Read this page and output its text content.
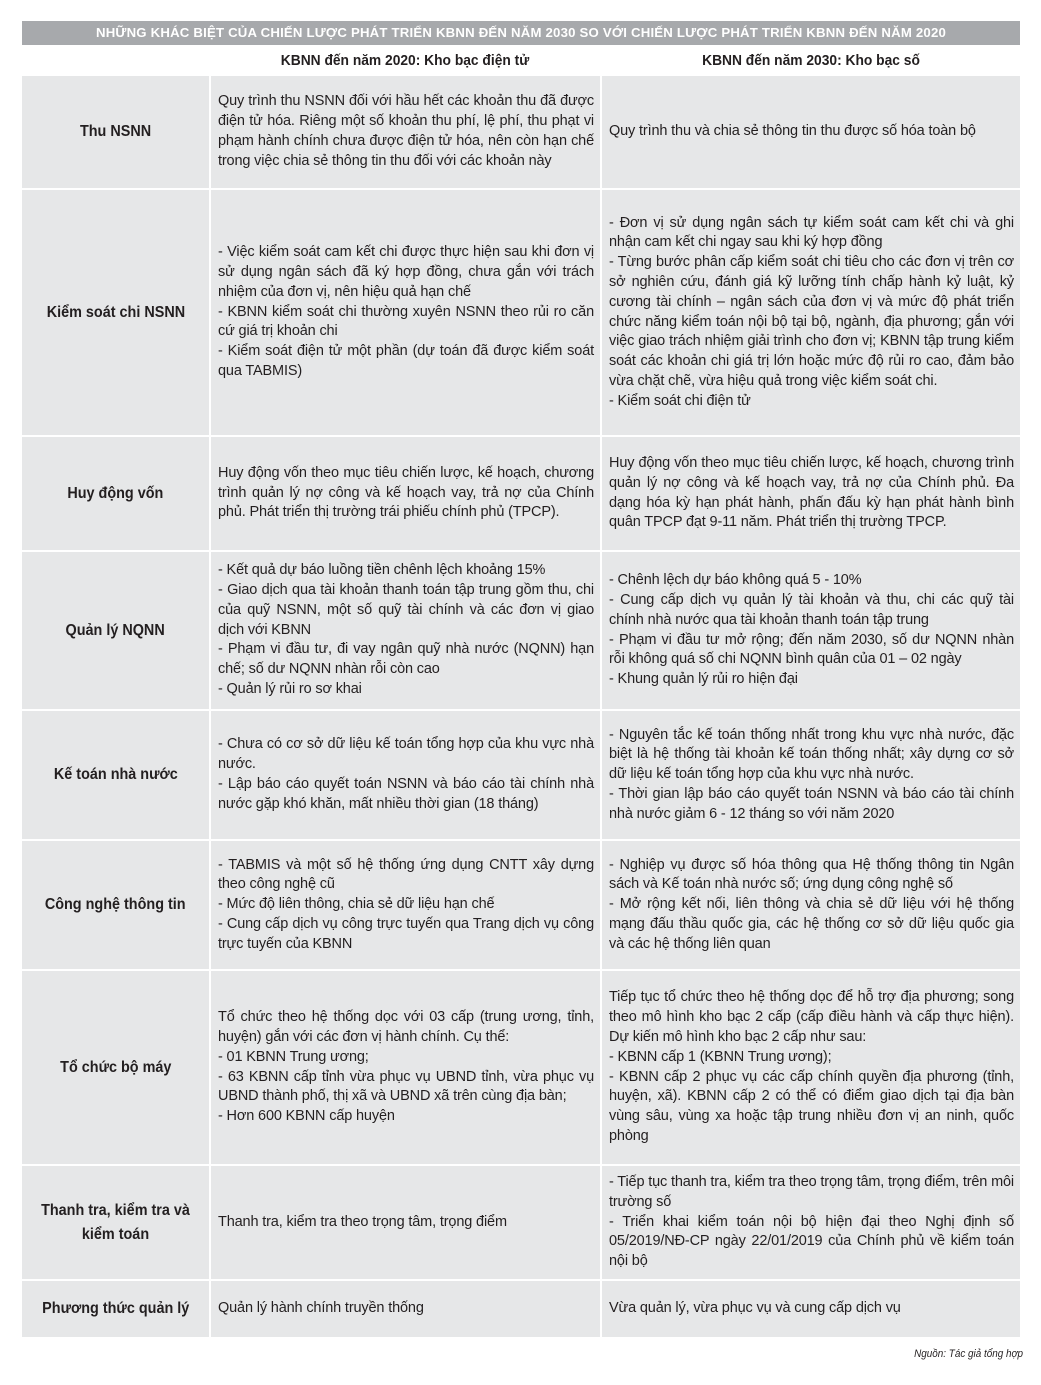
NHỮNG KHÁC BIỆT CỦA CHIẾN LƯỢC PHÁT TRIỂN KBNN ĐẾN NĂM 2030 SO VỚI CHIẾN LƯỢC PHÁT TRIỂN KBNN ĐẾN NĂM 2020
KBNN đến năm 2020: Kho bạc điện tử	KBNN đến năm 2030: Kho bạc số
Thu NSNN
Quy trình thu NSNN đối với hầu hết các khoản thu đã được điện tử hóa. Riêng một số khoản thu phí, lệ phí, thu phạt vi phạm hành chính chưa được điện tử hóa, nên còn hạn chế trong việc chia sẻ thông tin thu đối với các khoản này
Quy trình thu và chia sẻ thông tin thu được số hóa toàn bộ
Kiểm soát chi NSNN
- Việc kiểm soát cam kết chi được thực hiện sau khi đơn vị sử dụng ngân sách đã ký hợp đồng, chưa gắn với trách nhiệm của đơn vị, nên hiệu quả hạn chế
- KBNN kiểm soát chi thường xuyên NSNN theo rủi ro căn cứ giá trị khoản chi
- Kiểm soát điện tử một phần (dự toán đã được kiểm soát qua TABMIS)
- Đơn vị sử dụng ngân sách tự kiểm soát cam kết chi và ghi nhận cam kết chi ngay sau khi ký hợp đồng
- Từng bước phân cấp kiểm soát chi tiêu cho các đơn vị trên cơ sở nghiên cứu, đánh giá kỹ lưỡng tính chấp hành kỷ luật, kỷ cương tài chính – ngân sách của đơn vị và mức độ phát triển chức năng kiểm toán nội bộ tại bộ, ngành, địa phương; gắn với việc giao trách nhiệm giải trình cho đơn vị; KBNN tập trung kiểm soát các khoản chi giá trị lớn hoặc mức độ rủi ro cao, đảm bảo vừa chặt chẽ, vừa hiệu quả trong việc kiểm soát chi.
- Kiểm soát chi điện tử
Huy động vốn
Huy động vốn theo mục tiêu chiến lược, kế hoạch, chương trình quản lý nợ công và kế hoạch vay, trả nợ của Chính phủ. Phát triển thị trường trái phiếu chính phủ (TPCP).
Huy động vốn theo mục tiêu chiến lược, kế hoạch, chương trình quản lý nợ công và kế hoạch vay, trả nợ của Chính phủ. Đa dạng hóa kỳ hạn phát hành, phấn đấu kỳ hạn phát hành bình quân TPCP đạt 9-11 năm. Phát triển thị trường TPCP.
Quản lý NQNN
- Kết quả dự báo luồng tiền chênh lệch khoảng 15%
- Giao dịch qua tài khoản thanh toán tập trung gồm thu, chi của quỹ NSNN, một số quỹ tài chính và các đơn vị giao dịch với KBNN
- Phạm vi đầu tư, đi vay ngân quỹ nhà nước (NQNN) hạn chế; số dư NQNN nhàn rỗi còn cao
- Quản lý rủi ro sơ khai
- Chênh lệch dự báo không quá 5 - 10%
- Cung cấp dịch vụ quản lý tài khoản và thu, chi các quỹ tài chính nhà nước qua tài khoản thanh toán tập trung
- Phạm vi đầu tư mở rộng; đến năm 2030, số dư NQNN nhàn rỗi không quá số chi NQNN bình quân của 01 – 02 ngày
- Khung quản lý rủi ro hiện đại
Kế toán nhà nước
- Chưa có cơ sở dữ liệu kế toán tổng hợp của khu vực nhà nước.
- Lập báo cáo quyết toán NSNN và báo cáo tài chính nhà nước gặp khó khăn, mất nhiều thời gian (18 tháng)
- Nguyên tắc kế toán thống nhất trong khu vực nhà nước, đặc biệt là hệ thống tài khoản kế toán thống nhất; xây dựng cơ sở dữ liệu kế toán tổng hợp của khu vực nhà nước.
- Thời gian lập báo cáo quyết toán NSNN và báo cáo tài chính nhà nước giảm 6 - 12 tháng so với năm 2020
Công nghệ thông tin
- TABMIS và một số hệ thống ứng dụng CNTT xây dựng theo công nghệ cũ
- Mức độ liên thông, chia sẻ dữ liệu hạn chế
- Cung cấp dịch vụ công trực tuyến qua Trang dịch vụ công trực tuyến của KBNN
- Nghiệp vụ được số hóa thông qua Hệ thống thông tin Ngân sách và Kế toán nhà nước số; ứng dụng công nghệ số
- Mở rộng kết nối, liên thông và chia sẻ dữ liệu với hệ thống mạng đấu thầu quốc gia, các hệ thống cơ sở dữ liệu quốc gia và các hệ thống liên quan
Tổ chức bộ máy
Tổ chức theo hệ thống dọc với 03 cấp (trung ương, tỉnh, huyện) gắn với các đơn vị hành chính. Cụ thể:
- 01 KBNN Trung ương;
- 63 KBNN cấp tỉnh vừa phục vụ UBND tỉnh, vừa phục vụ UBND thành phố, thị xã và UBND xã trên cùng địa bàn;
- Hơn 600 KBNN cấp huyện
Tiếp tục tổ chức theo hệ thống dọc để hỗ trợ địa phương; song theo mô hình kho bạc 2 cấp (cấp điều hành và cấp thực hiện). Dự kiến mô hình kho bạc 2 cấp như sau:
- KBNN cấp 1 (KBNN Trung ương);
- KBNN cấp 2 phục vụ các cấp chính quyền địa phương (tỉnh, huyện, xã). KBNN cấp 2 có thể có điểm giao dịch tại địa bàn vùng sâu, vùng xa hoặc tập trung nhiều đơn vị an ninh, quốc phòng
Thanh tra, kiểm tra và kiểm toán
Thanh tra, kiểm tra theo trọng tâm, trọng điểm
- Tiếp tục thanh tra, kiểm tra theo trọng tâm, trọng điểm, trên môi trường số
- Triển khai kiểm toán nội bộ hiện đại theo Nghị định số 05/2019/NĐ-CP ngày 22/01/2019 của Chính phủ về kiểm toán nội bộ
Phương thức quản lý Quản lý hành chính truyền thống	Vừa quản lý, vừa phục vụ và cung cấp dịch vụ
Nguồn: Tác giả tổng hợp
